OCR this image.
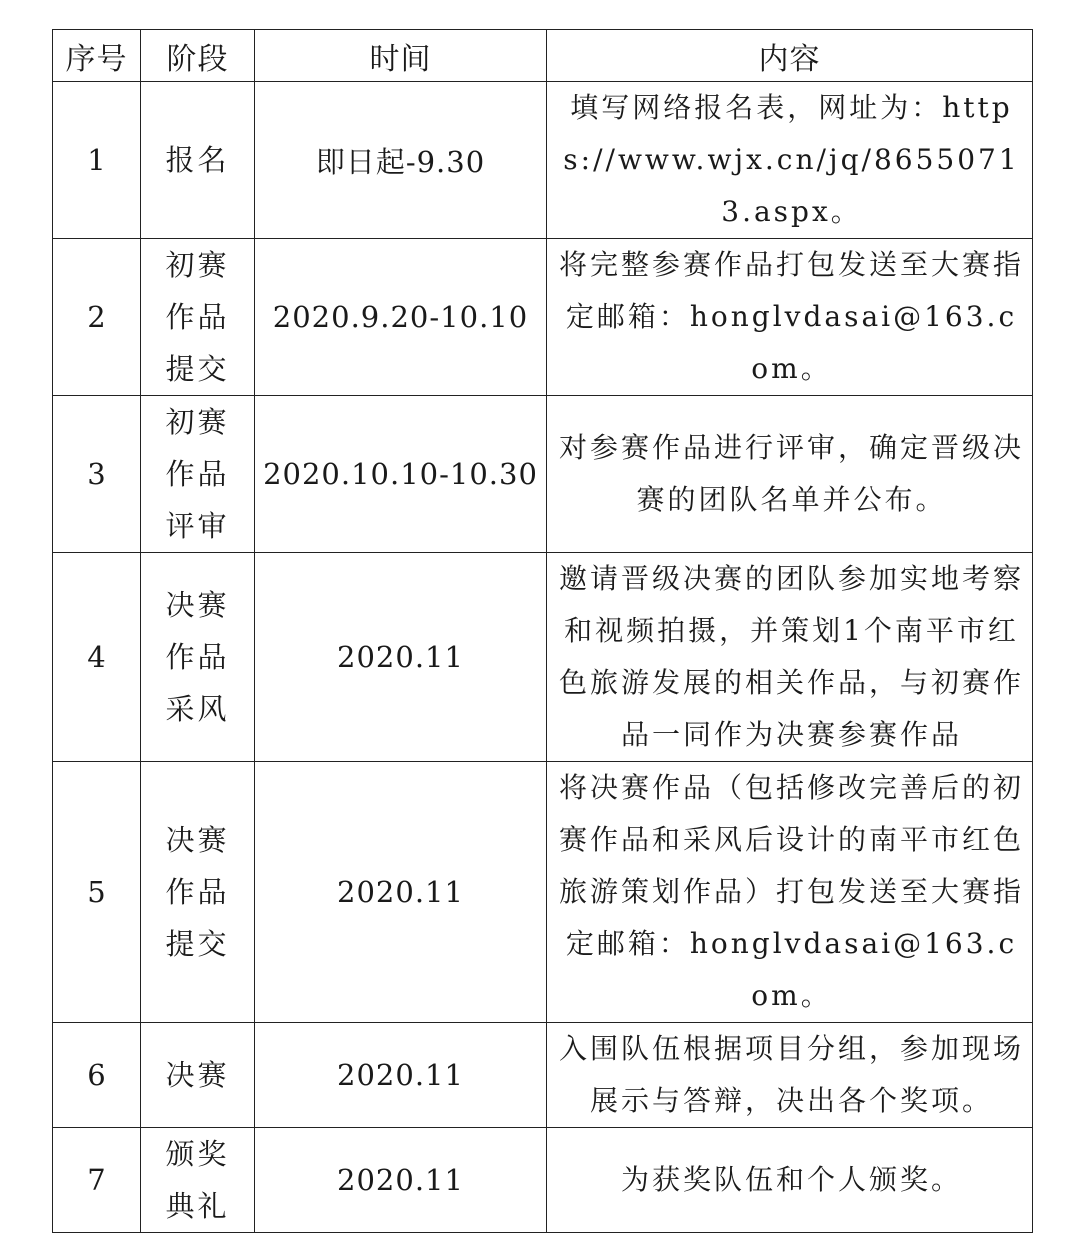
序号	阶段	时间	内容
1	报名	即日起-9.30	填写网络报名表，网址为：https://www.wjx.cn/jq/86550713.aspx。

2	初赛作品提交	2020.9.20-10.10	将完整参赛作品打包发送至大赛指定邮箱：honglvdasai@163.com。

3	初赛作品评审	2020.10.10-10.30	对参赛作品进行评审，确定晋级决赛的团队名单并公布。

4	决赛作品采风	2020.11	邀请晋级决赛的团队参加实地考察和视频拍摄，并策划1个南平市红色旅游发展的相关作品，与初赛作品一同作为决赛参赛作品

5	决赛作品提交	2020.11	将决赛作品（包括修改完善后的初赛作品和采风后设计的南平市红色旅游策划作品）打包发送至大赛指定邮箱：honglvdasai@163.com。

6	决赛	2020.11	入围队伍根据项目分组，参加现场展示与答辩，决出各个奖项。

7	颁奖典礼	2020.11	为获奖队伍和个人颁奖。
